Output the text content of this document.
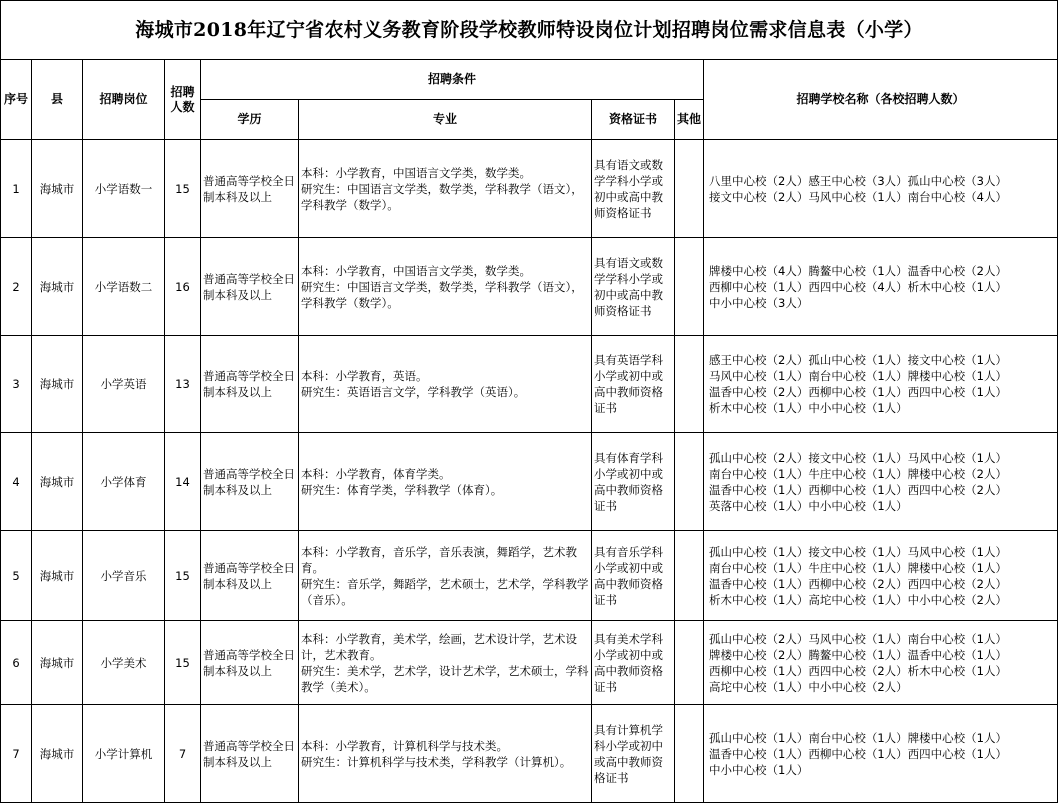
海城市2018年辽宁省农村义务教育阶段学校教师特设岗位计划招聘岗位需求信息表（小学）								
序号	县	招聘岗位	招聘人数	招聘条件				招聘学校名称（各校招聘人数）
				学历	专业	资格证书	其他	
1	海城市	小学语数一	15	普通高等学校全日制本科及以上	本科：小学教育，中国语言文学类，数学类。
研究生：中国语言文学类，数学类，学科教学（语文），学科教学（数学）。	具有语文或数学学科小学或初中或高中教师资格证书		八里中心校（2人）感王中心校（3人）孤山中心校（3人）
接文中心校（2人）马风中心校（1人）南台中心校（4人）
2	海城市	小学语数二	16	普通高等学校全日制本科及以上	本科：小学教育，中国语言文学类，数学类。
研究生：中国语言文学类，数学类，学科教学（语文），学科教学（数学）。	具有语文或数学学科小学或初中或高中教师资格证书		牌楼中心校（4人）腾鳌中心校（1人）温香中心校（2人）
西柳中心校（1人）西四中心校（4人）析木中心校（1人）
中小中心校（3人）
3	海城市	小学英语	13	普通高等学校全日制本科及以上	本科：小学教育，英语。
研究生：英语语言文学，学科教学（英语）。	具有英语学科小学或初中或高中教师资格证书		感王中心校（2人）孤山中心校（1人）接文中心校（1人）
马风中心校（1人）南台中心校（1人）牌楼中心校（1人）
温香中心校（2人）西柳中心校（1人）西四中心校（1人）
析木中心校（1人）中小中心校（1人）
4	海城市	小学体育	14	普通高等学校全日制本科及以上	本科：小学教育，体育学类。
研究生：体育学类，学科教学（体育）。	具有体育学科小学或初中或高中教师资格证书		孤山中心校（2人）接文中心校（1人）马风中心校（1人）
南台中心校（1人）牛庄中心校（1人）牌楼中心校（2人）
温香中心校（1人）西柳中心校（1人）西四中心校（2人）
英落中心校（1人）中小中心校（1人）
5	海城市	小学音乐	15	普通高等学校全日制本科及以上	本科：小学教育，音乐学，音乐表演，舞蹈学，艺术教育。
研究生：音乐学，舞蹈学，艺术硕士，艺术学，学科教学（音乐）。	具有音乐学科小学或初中或高中教师资格证书		孤山中心校（1人）接文中心校（1人）马风中心校（1人）
南台中心校（1人）牛庄中心校（1人）牌楼中心校（1人）
温香中心校（1人）西柳中心校（2人）西四中心校（2人）
析木中心校（1人）高坨中心校（1人）中小中心校（2人）
6	海城市	小学美术	15	普通高等学校全日制本科及以上	本科：小学教育，美术学，绘画，艺术设计学，艺术设计，艺术教育。
研究生：美术学，艺术学，设计艺术学，艺术硕士，学科教学（美术）。	具有美术学科小学或初中或高中教师资格证书		孤山中心校（2人）马风中心校（1人）南台中心校（1人）
牌楼中心校（2人）腾鳌中心校（1人）温香中心校（1人）
西柳中心校（1人）西四中心校（2人）析木中心校（1人）
高坨中心校（1人）中小中心校（2人）
7	海城市	小学计算机	7	普通高等学校全日制本科及以上	本科：小学教育，计算机科学与技术类。
研究生：计算机科学与技术类，学科教学（计算机）。	具有计算机学科小学或初中或高中教师资格证书		孤山中心校（1人）南台中心校（1人）牌楼中心校（1人）
温香中心校（1人）西柳中心校（1人）西四中心校（1人）
中小中心校（1人）
